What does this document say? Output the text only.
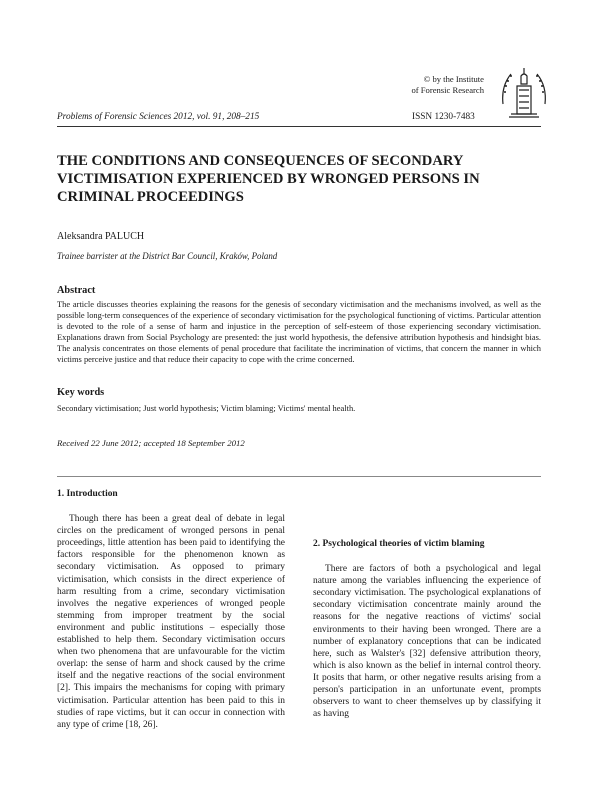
© by the Institute
of Forensic Research
Problems of Forensic Sciences 2012, vol. 91, 208–215	ISSN 1230-7483
THE CONDITIONS AND CONSEQUENCES OF SECONDARY VICTIMISATION EXPERIENCED BY WRONGED PERSONS IN CRIMINAL PROCEEDINGS
Aleksandra PALUCH
Trainee barrister at the District Bar Council, Kraków, Poland
Abstract

The article discusses theories explaining the reasons for the genesis of secondary victimisation and the mechanisms involved, as well as the possible long-term consequences of the experience of secondary victimisation for the psychological functioning of victims. Particular attention is devoted to the role of a sense of harm and injustice in the perception of self-esteem of those experiencing secondary victimisation. Explanations drawn from Social Psychology are presented: the just world hypothesis, the defensive attribution hypothesis and hindsight bias. The analysis concentrates on those elements of penal procedure that facilitate the incrimination of victims, that concern the manner in which victims perceive justice and that reduce their capacity to cope with the crime concerned.

Key words

Secondary victimisation; Just world hypothesis; Victim blaming; Victims' mental health.

Received 22 June 2012; accepted 18 September 2012

1. Introduction

Though there has been a great deal of debate in legal circles on the predicament of wronged persons in penal proceedings, little attention has been paid to identifying the factors responsible for the phenomenon known as secondary victimisation. As opposed to primary victimisation, which consists in the direct experience of harm resulting from a crime, secondary victimisation involves the negative experiences of wronged people stemming from improper treatment by the social environment and public institutions – especially those established to help them. Secondary victimisation occurs when two phenomena that are unfavourable for the victim overlap: the sense of harm and shock caused by the crime itself and the negative reactions of the social environment [2]. This impairs the mechanisms for coping with primary victimisation. Particular attention has been paid to this in studies of rape victims, but it can occur in connection with any type of crime [18, 26].

2. Psychological theories of victim blaming

There are factors of both a psychological and legal nature among the variables influencing the experience of secondary victimisation. The psychological explanations of secondary victimisation concentrate mainly around the reasons for the negative reactions of victims' social environments to their having been wronged. There are a number of explanatory conceptions that can be indicated here, such as Walster's [32] defensive attribution theory, which is also known as the belief in internal control theory. It posits that harm, or other negative results arising from a person's participation in an unfortunate event, prompts observers to want to cheer themselves up by classifying it as having
